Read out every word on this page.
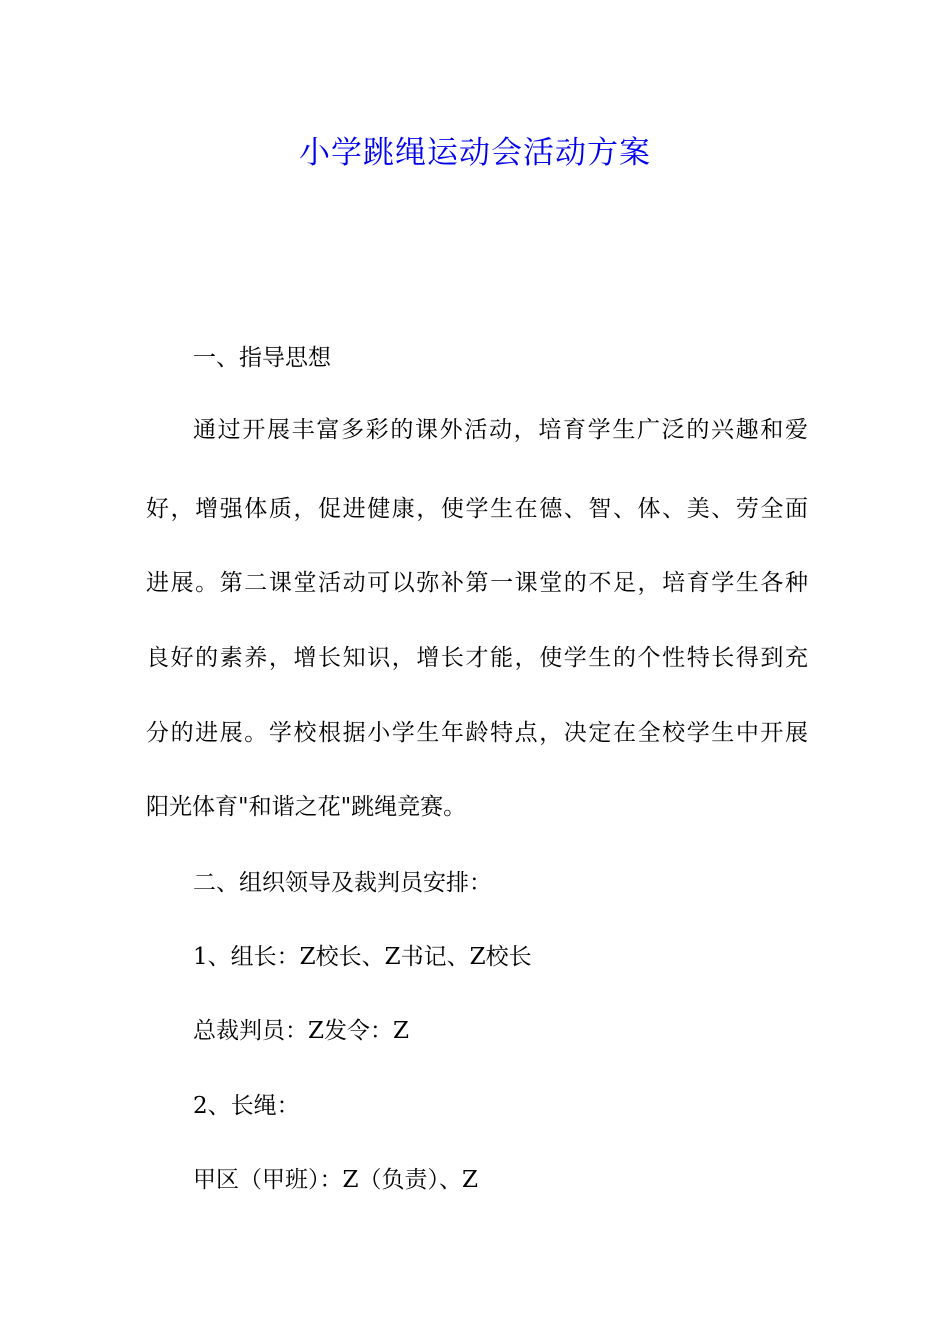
小学跳绳运动会活动方案
一、指导思想
通过开展丰富多彩的课外活动，培育学生广泛的兴趣和爱
好，增强体质，促进健康，使学生在德、智、体、美、劳全面
进展。第二课堂活动可以弥补第一课堂的不足，培育学生各种
良好的素养，增长知识，增长才能，使学生的个性特长得到充
分的进展。学校根据小学生年龄特点，决定在全校学生中开展
阳光体育"和谐之花"跳绳竞赛。
二、组织领导及裁判员安排：
1、组长：Z校长、Z书记、Z校长
总裁判员：Z发令：Z
2、长绳：
甲区（甲班）：Z（负责）、Z
